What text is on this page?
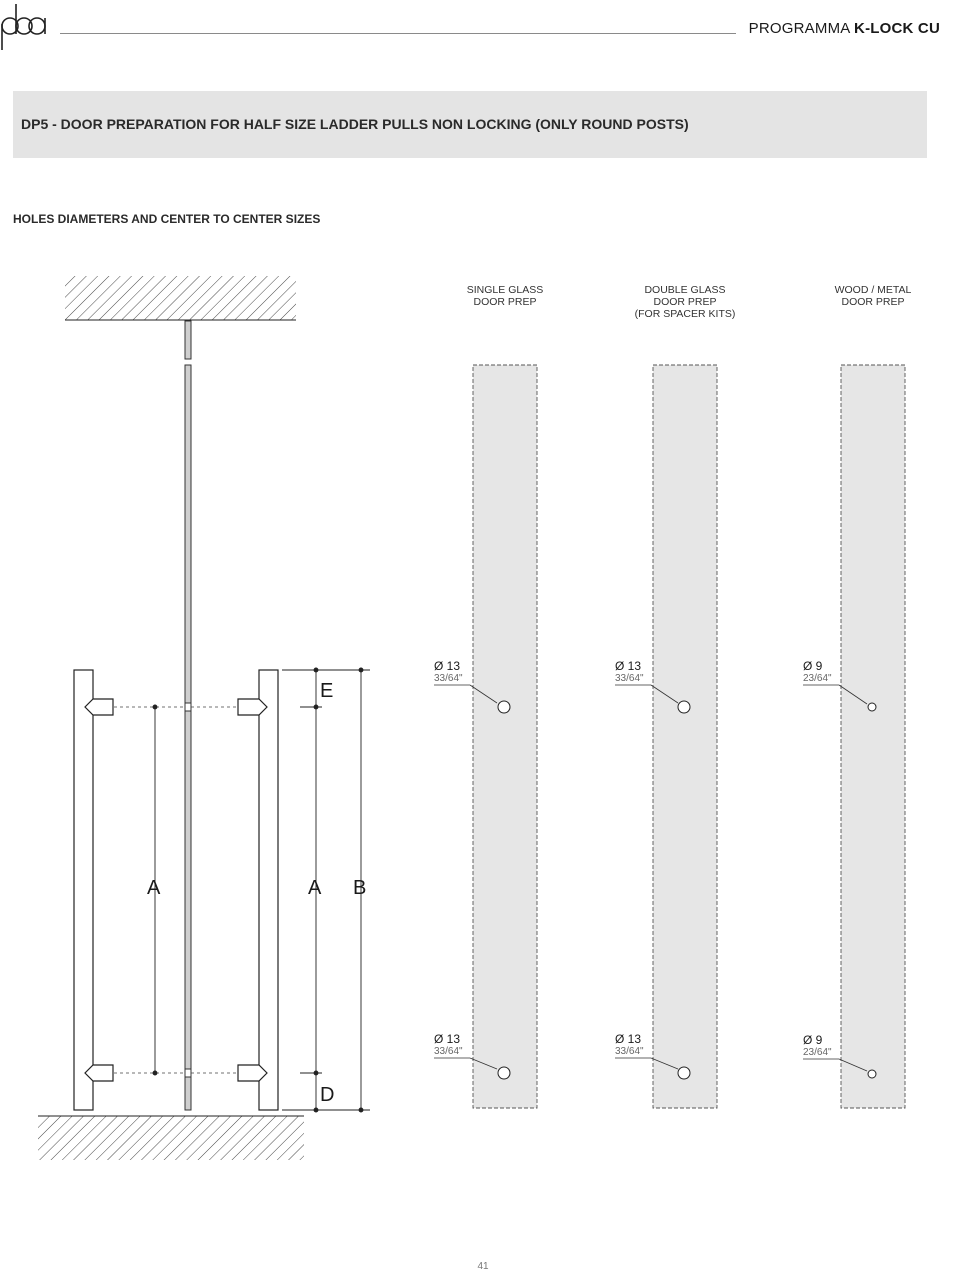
PROGRAMMA K-LOCK CU
DP5 - DOOR PREPARATION FOR HALF SIZE LADDER PULLS NON LOCKING (ONLY ROUND POSTS)
HOLES DIAMETERS AND CENTER TO CENTER SIZES
E
A	A B
D
SINGLE GLASS
DOOR PREP
Ø 13
33/64"
Ø 13
33/64"
DOUBLE GLASS
DOOR PREP
(FOR SPACER KITS)
Ø 13
33/64"
Ø 13
33/64"
WOOD / METAL
DOOR PREP
Ø 9
23/64"
Ø 9
23/64"
41
